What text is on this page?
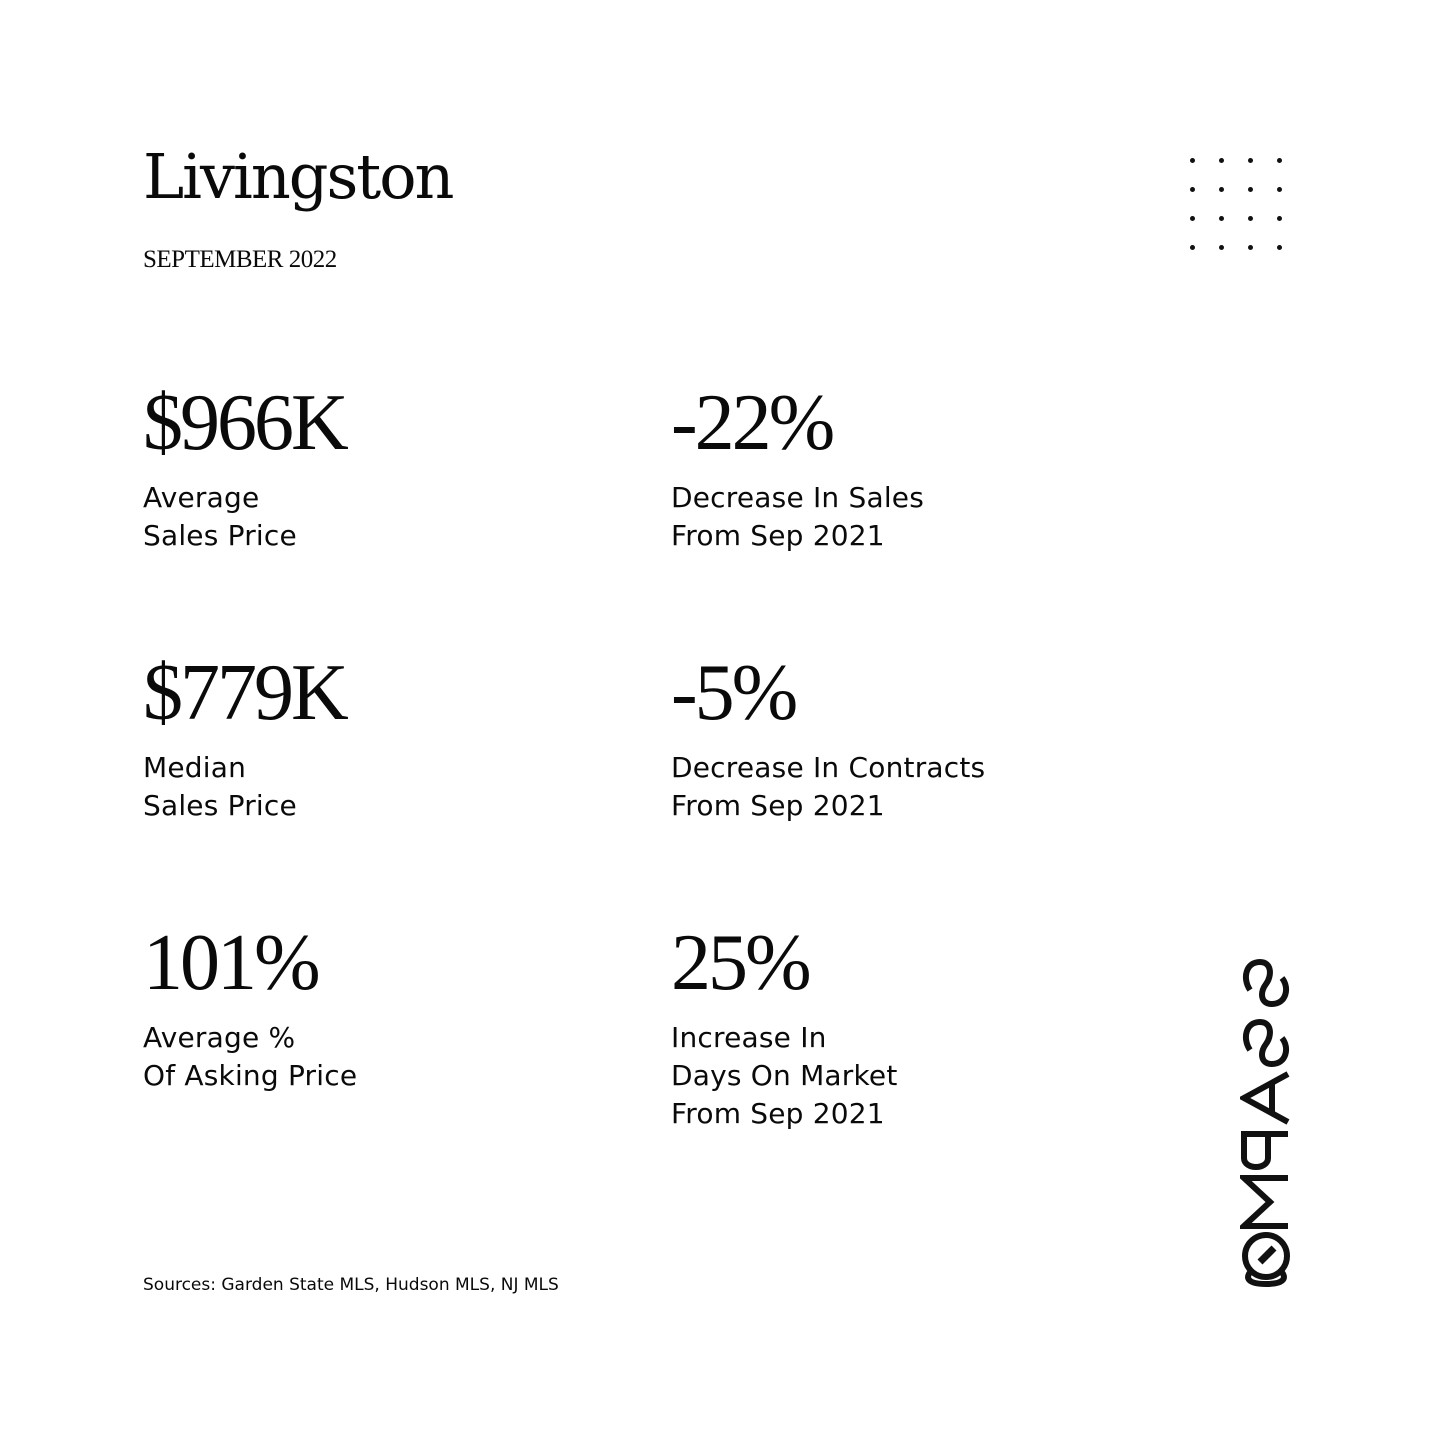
Livingston
SEPTEMBER 2022
$966K
Average
Sales Price
-22%
Decrease In Sales
From Sep 2021
$779K
Median
Sales Price
-5%
Decrease In Contracts
From Sep 2021
101%
Average %
Of Asking Price
25%
Increase In
Days On Market
From Sep 2021
Sources: Garden State MLS, Hudson MLS, NJ MLS
